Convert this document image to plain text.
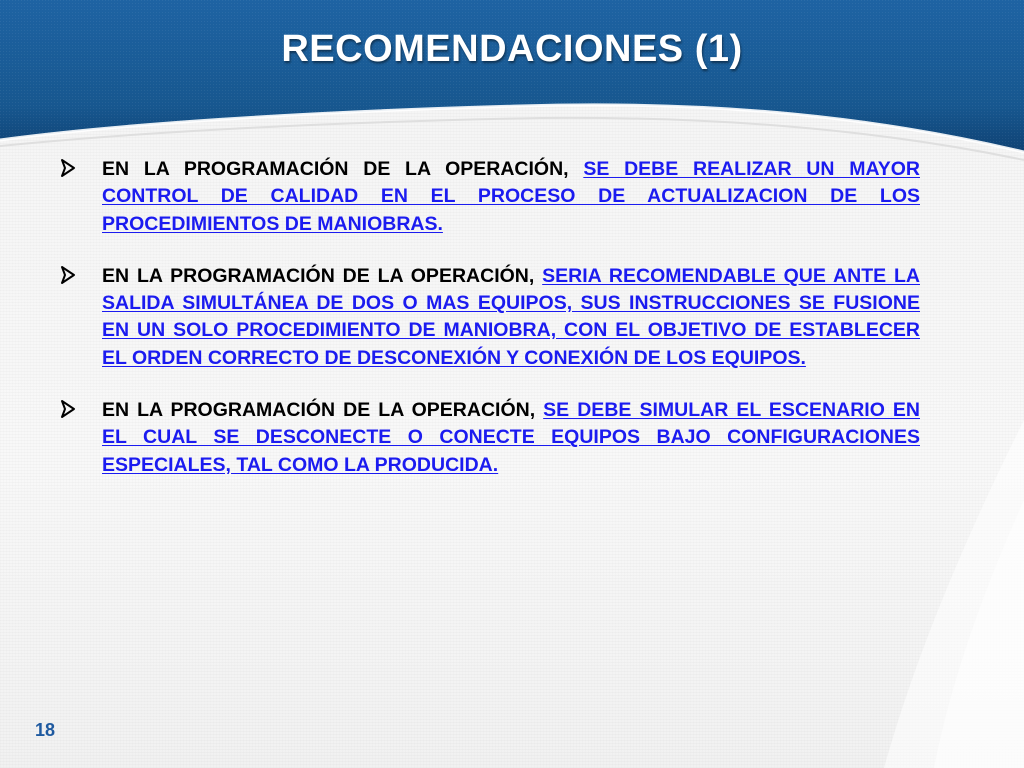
RECOMENDACIONES (1)
EN LA PROGRAMACIÓN DE LA OPERACIÓN, SE DEBE REALIZAR UN MAYOR CONTROL DE CALIDAD EN EL PROCESO DE ACTUALIZACION DE LOS PROCEDIMIENTOS DE MANIOBRAS.
EN LA PROGRAMACIÓN DE LA OPERACIÓN, SERIA RECOMENDABLE QUE ANTE LA SALIDA SIMULTÁNEA DE DOS O MAS EQUIPOS, SUS INSTRUCCIONES SE FUSIONE EN UN SOLO PROCEDIMIENTO DE MANIOBRA, CON EL OBJETIVO DE ESTABLECER EL ORDEN CORRECTO DE DESCONEXIÓN Y CONEXIÓN DE LOS EQUIPOS.
EN LA PROGRAMACIÓN DE LA OPERACIÓN, SE DEBE SIMULAR EL ESCENARIO EN EL CUAL SE DESCONECTE O CONECTE EQUIPOS BAJO CONFIGURACIONES ESPECIALES, TAL COMO LA PRODUCIDA.
18
